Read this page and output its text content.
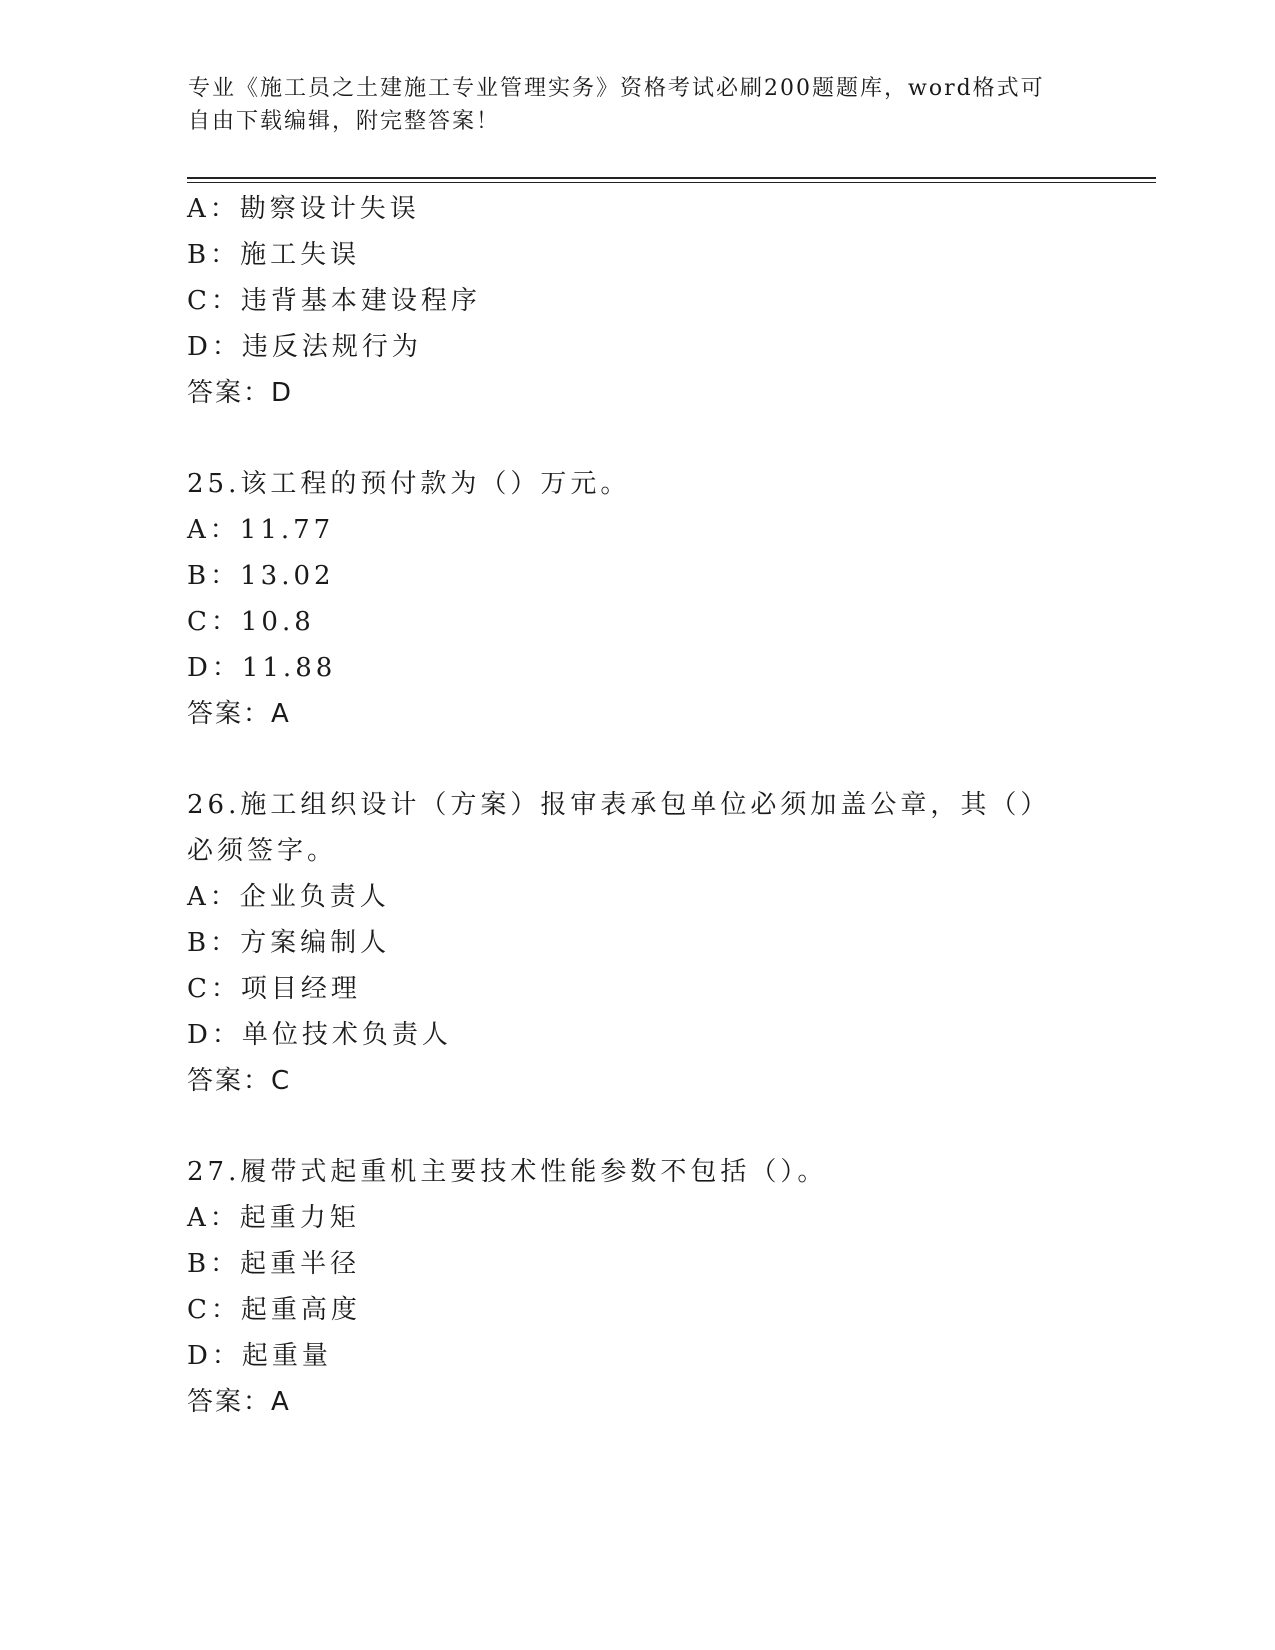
专业《施工员之土建施工专业管理实务》资格考试必刷200题题库，word格式可自由下载编辑，附完整答案！
A：勘察设计失误
B：施工失误
C：违背基本建设程序
D：违反法规行为
答案：D
25.该工程的预付款为（）万元。
A：11.77
B：13.02
C：10.8
D：11.88
答案：A
26.施工组织设计（方案）报审表承包单位必须加盖公章，其（）必须签字。
A：企业负责人
B：方案编制人
C：项目经理
D：单位技术负责人
答案：C
27.履带式起重机主要技术性能参数不包括（）。
A：起重力矩
B：起重半径
C：起重高度
D：起重量
答案：A
